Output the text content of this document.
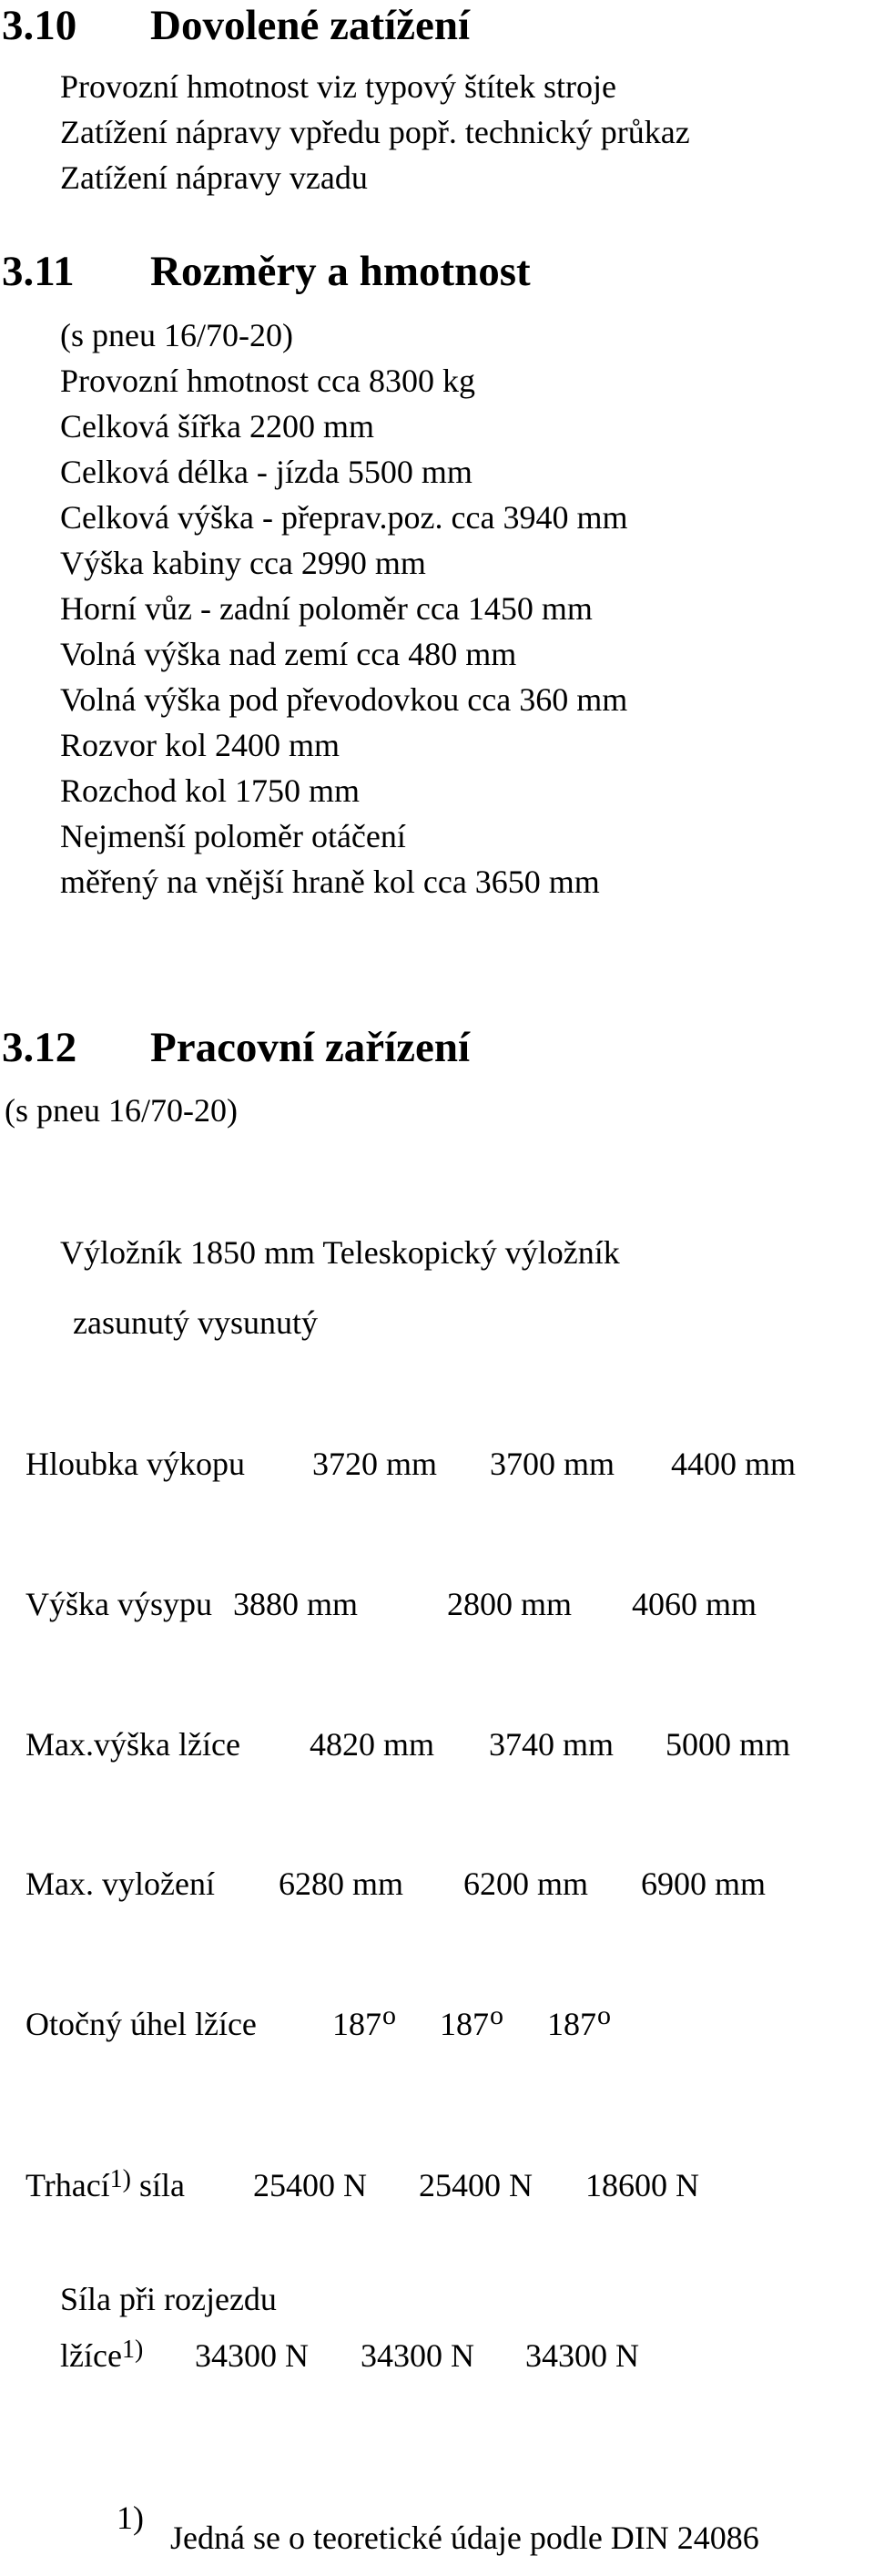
3.10 Dovolené zatížení
Provozní hmotnost viz typový štítek stroje
Zatížení nápravy vpředu popř. technický průkaz
Zatížení nápravy vzadu
3.11 Rozměry a hmotnost
(s pneu 16/70-20)
Provozní hmotnost cca 8300 kg
Celková šířka 2200 mm
Celková délka - jízda 5500 mm
Celková výška - přeprav.poz. cca 3940 mm
Výška kabiny cca 2990 mm
Horní vůz - zadní poloměr cca 1450 mm
Volná výška nad zemí cca 480 mm
Volná výška pod převodovkou cca 360 mm
Rozvor kol 2400 mm
Rozchod kol 1750 mm
Nejmenší poloměr otáčení
měřený na vnější hraně kol cca 3650 mm
3.12 Pracovní zařízení
(s pneu 16/70-20)
Výložník 1850 mm Teleskopický výložník
zasunutý vysunutý
Hloubka výkopu 3720 mm 3700 mm 4400 mm
Výška výsypu 3880 mm	2800 mm 4060 mm
Max.výška lžíce 4820 mm 3740 mm 5000 mm
Max. vyložení 6280 mm 6200 mm 6900 mm
Otočný úhel lžíce 187$^o$ 187$^o$ 187$^o$
Trhací$^{1)}$ síla 25400 N 25400 N 18600 N
Síla při rozjezdu
lžíce$^{1)}$ 34300 N 34300 N 34300 N
1)
Jedná se o teoretické údaje podle DIN 24086
